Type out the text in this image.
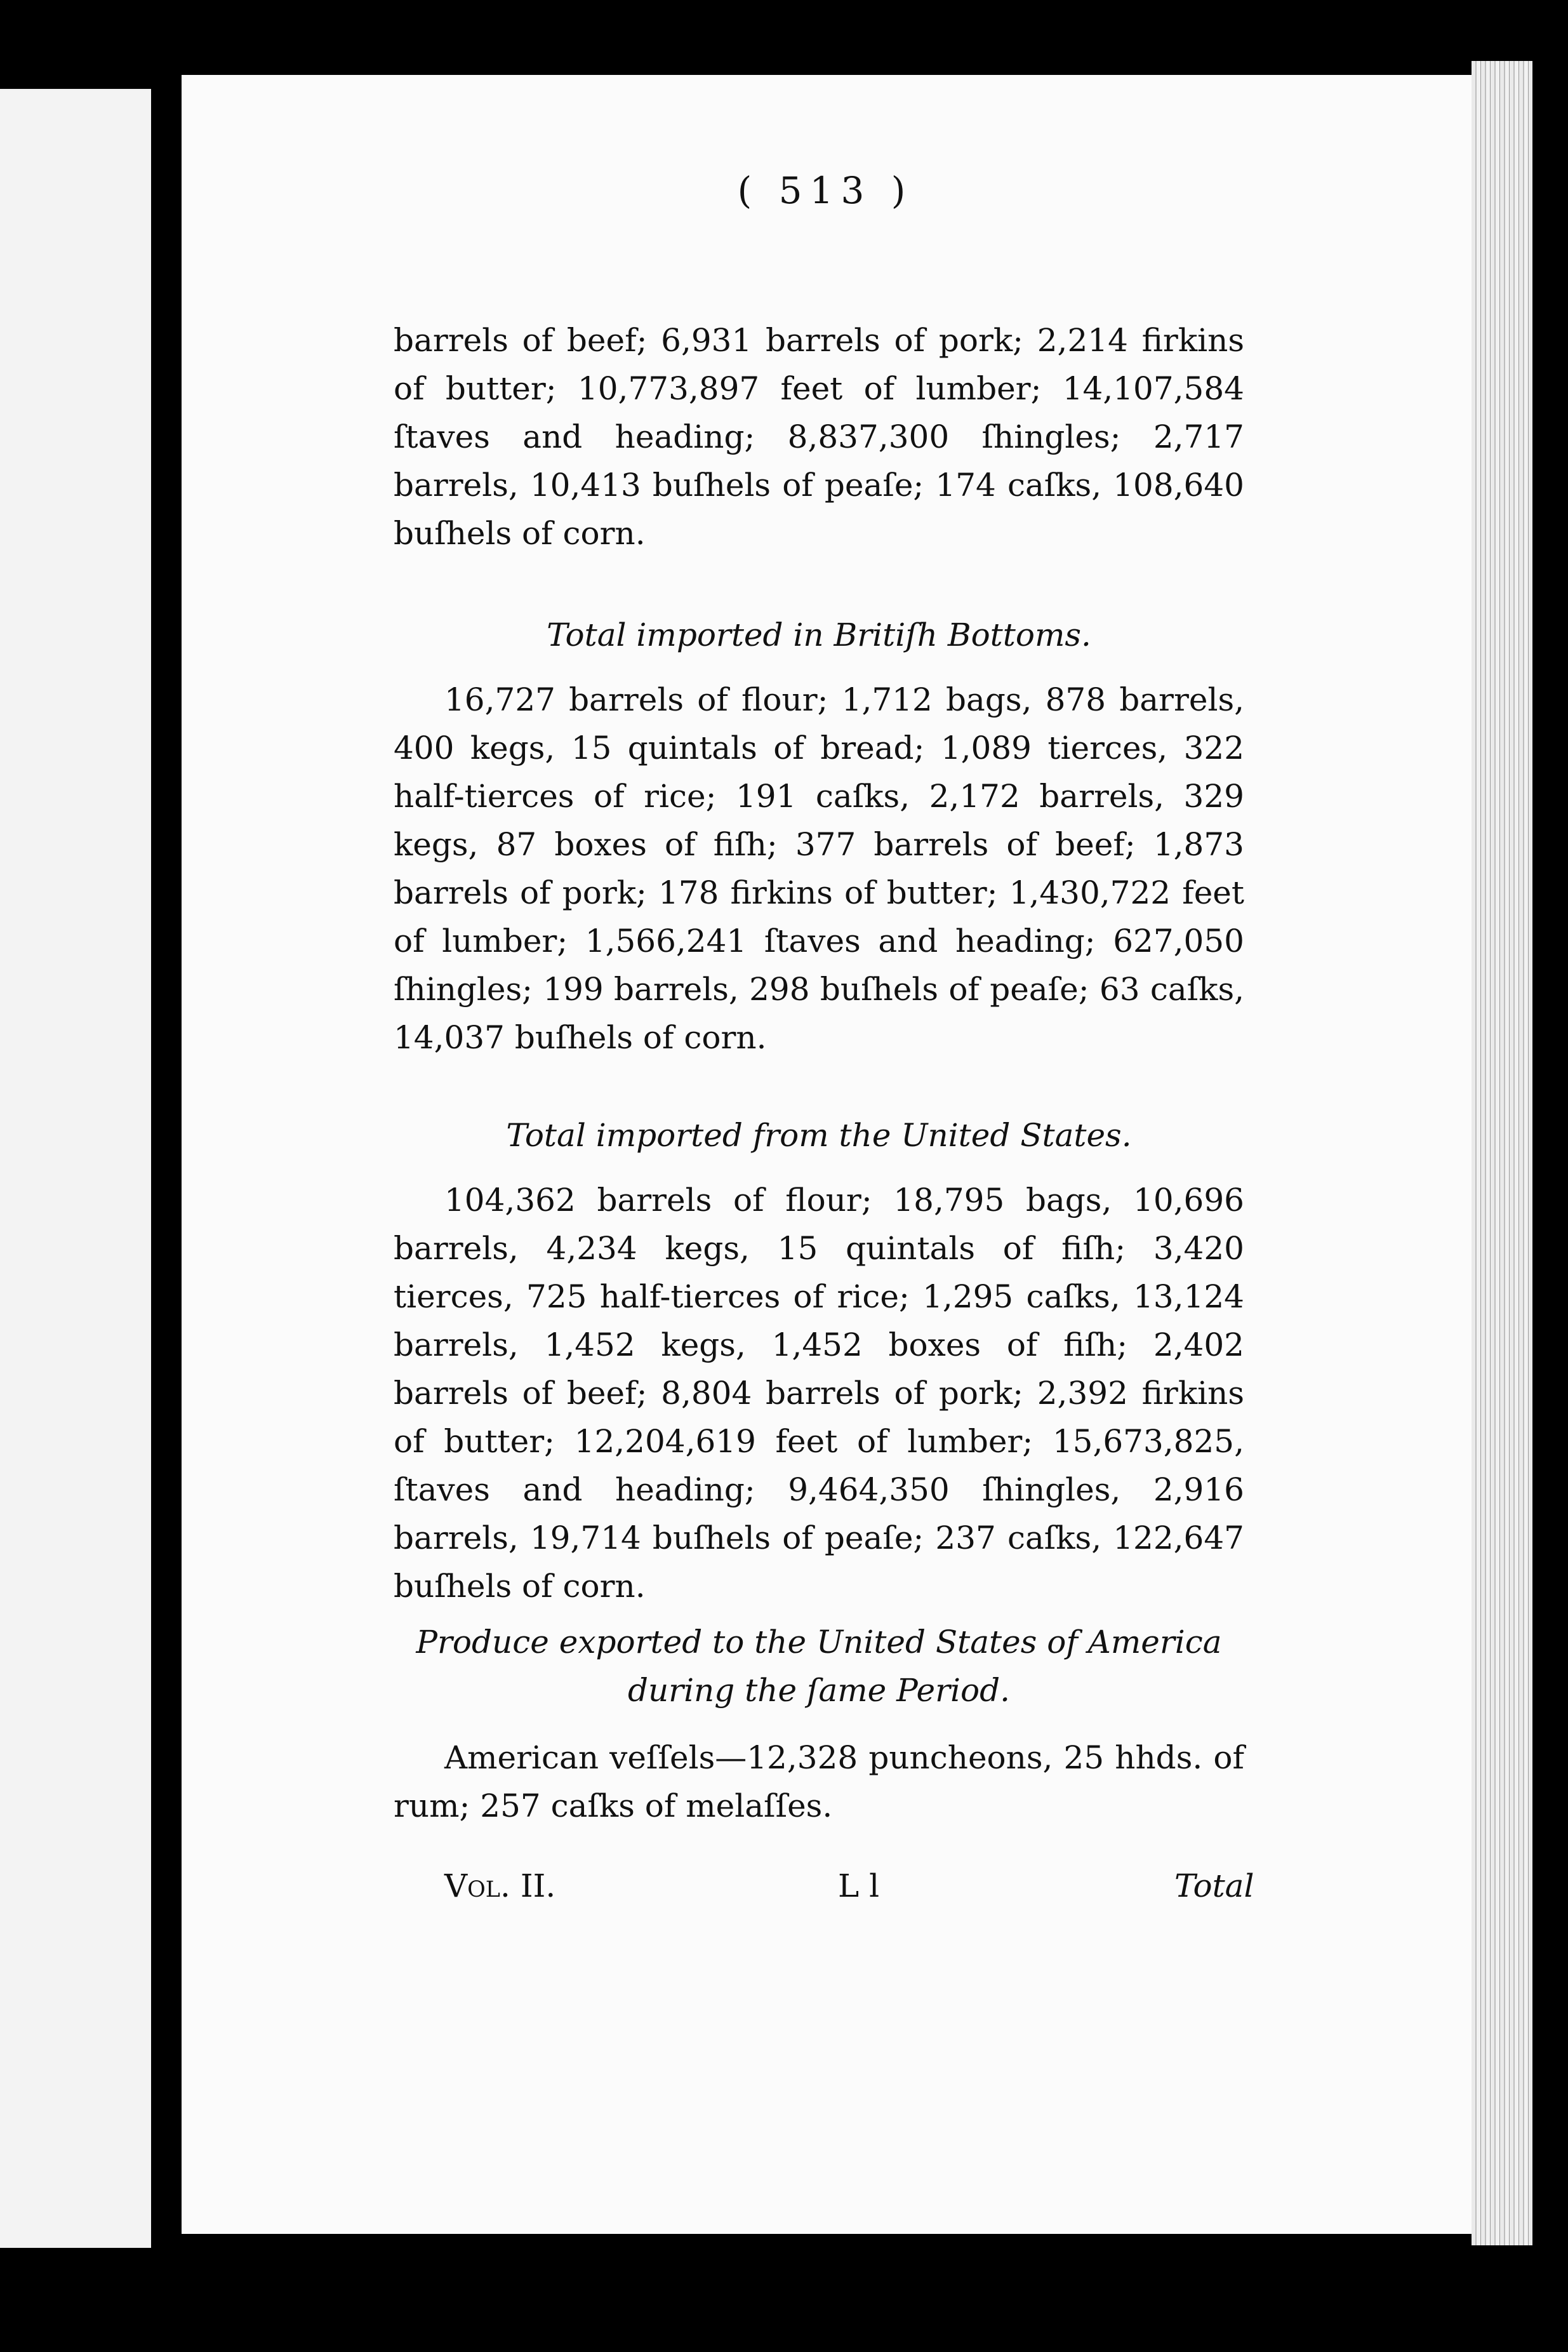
( 513 )

barrels of beef; 6,931 barrels of pork; 2,214 firkins of butter; 10,773,897 feet of lumber; 14,107,584 ſtaves and heading; 8,837,300 ſhingles; 2,717 barrels, 10,413 buſhels of peaſe; 174 caſks, 108,640 buſhels of corn.

Total imported in Britiſh Bottoms.

16,727 barrels of flour; 1,712 bags, 878 barrels, 400 kegs, 15 quintals of bread; 1,089 tierces, 322 half-tierces of rice; 191 caſks, 2,172 barrels, 329 kegs, 87 boxes of fiſh; 377 barrels of beef; 1,873 barrels of pork; 178 firkins of butter; 1,430,722 feet of lumber; 1,566,241 ſtaves and heading; 627,050 ſhingles; 199 barrels, 298 buſhels of peaſe; 63 caſks, 14,037 buſhels of corn.

Total imported from the United States.

104,362 barrels of flour; 18,795 bags, 10,696 barrels, 4,234 kegs, 15 quintals of fiſh; 3,420 tierces, 725 half-tierces of rice; 1,295 caſks, 13,124 barrels, 1,452 kegs, 1,452 boxes of fiſh; 2,402 barrels of beef; 8,804 barrels of pork; 2,392 firkins of butter; 12,204,619 feet of lumber; 15,673,825, ſtaves and heading; 9,464,350 ſhingles, 2,916 barrels, 19,714 buſhels of peaſe; 237 caſks, 122,647 buſhels of corn.

Produce exported to the United States of America during the ſame Period.

American veſſels—12,328 puncheons, 25 hhds. of rum; 257 caſks of melaſſes.

Vol. II.	L l	Total
